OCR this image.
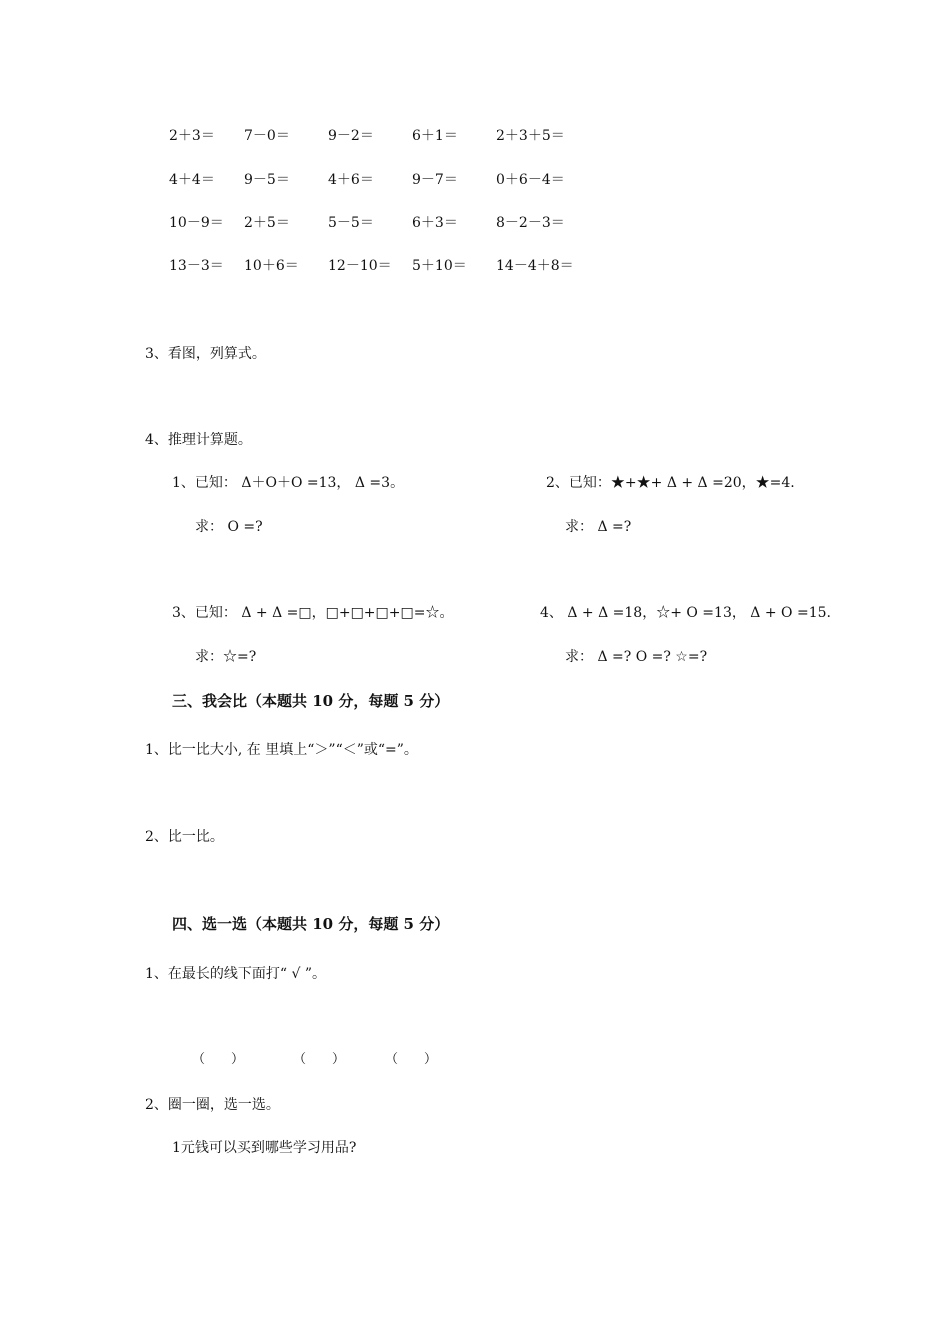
2＋3＝ 7－0＝	9－2＝	6＋1＝	2＋3＋5＝
4＋4＝ 9－5＝	4＋6＝	9－7＝	0＋6－4＝
10－9＝ 2＋5＝	5－5＝	6＋3＝	8－2－3＝
13－3＝ 10＋6＝ 12－10＝ 5＋10＝ 14－4＋8＝
3、看图，列算式。
4、推理计算题。
1、已知： Δ＋O＋O =13， Δ =3。
求： O =?
2、已知：★+★+ Δ + Δ =20，★=4.
求： Δ =?
3、已知： Δ + Δ =□，□+□+□+□=☆。
求：☆=?
4、 Δ + Δ =18，☆+ O =13， Δ + O =15.
求： Δ =? O =? ☆=?
三、我会比（本题共 10 分，每题 5 分）
1、比一比大小, 在 里填上“＞”“＜”或“=”。
2、比一比。
四、选一选（本题共 10 分，每题 5 分）
1、在最长的线下面打“ √ ”。
（　　）	（　　）	（　　）
2、圈一圈，选一选。
1元钱可以买到哪些学习用品?
